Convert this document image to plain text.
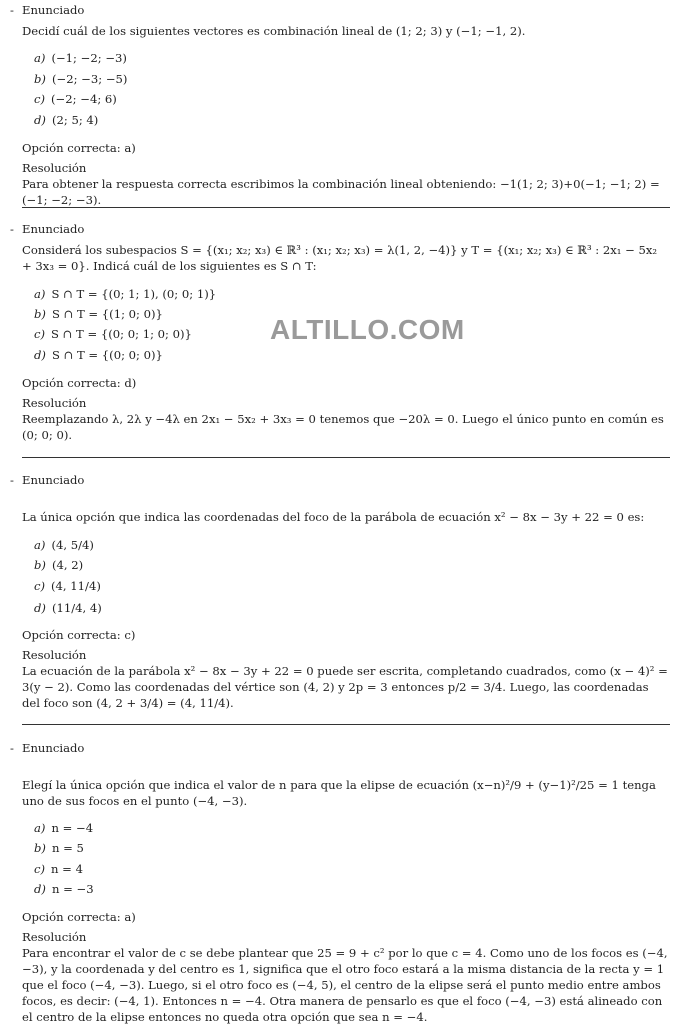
- Enunciado
Decidí cuál de los siguientes vectores es combinación lineal de (1; 2; 3) y (−1; −1, 2).
a) (−1; −2; −3)
b) (−2; −3; −5)
c) (−2; −4; 6)
d) (2; 5; 4)
Opción correcta: a)
Resolución
Para obtener la respuesta correcta escribimos la combinación lineal obteniendo: −1(1; 2; 3)+0(−1; −1; 2) = (−1; −2; −3).
- Enunciado
Considerá los subespacios S = {(x₁; x₂; x₃) ∈ ℝ³ : (x₁; x₂; x₃) = λ(1, 2, −4)} y T = {(x₁; x₂; x₃) ∈ ℝ³ : 2x₁ − 5x₂ + 3x₃ = 0}. Indicá cuál de los siguientes es S ∩ T:
a) S ∩ T = {(0; 1; 1), (0; 0; 1)}
b) S ∩ T = {(1; 0; 0)}
c) S ∩ T = {(0; 0; 1; 0; 0)}
d) S ∩ T = {(0; 0; 0)}
Opción correcta: d)
Resolución
Reemplazando λ, 2λ y −4λ en 2x₁ − 5x₂ + 3x₃ = 0 tenemos que −20λ = 0. Luego el único punto en común es (0; 0; 0).
ALTILLO.COM
- Enunciado
La única opción que indica las coordenadas del foco de la parábola de ecuación x² − 8x − 3y + 22 = 0 es:
a) (4, 5/4)
b) (4, 2)
c) (4, 11/4)
d) (11/4, 4)
Opción correcta: c)
Resolución
La ecuación de la parábola x² − 8x − 3y + 22 = 0 puede ser escrita, completando cuadrados, como (x − 4)² = 3(y − 2). Como las coordenadas del vértice son (4, 2) y 2p = 3 entonces p/2 = 3/4. Luego, las coordenadas del foco son (4, 2 + 3/4) = (4, 11/4).
- Enunciado
Elegí la única opción que indica el valor de n para que la elipse de ecuación (x−n)²/9 + (y−1)²/25 = 1 tenga uno de sus focos en el punto (−4, −3).
a) n = −4
b) n = 5
c) n = 4
d) n = −3
Opción correcta: a)
Resolución
Para encontrar el valor de c se debe plantear que 25 = 9 + c² por lo que c = 4. Como uno de los focos es (−4, −3), y la coordenada y del centro es 1, significa que el otro foco estará a la misma distancia de la recta y = 1 que el foco (−4, −3). Luego, si el otro foco es (−4, 5), el centro de la elipse será el punto medio entre ambos focos, es decir: (−4, 1). Entonces n = −4. Otra manera de pensarlo es que el foco (−4, −3) está alineado con el centro de la elipse entonces no queda otra opción que sea n = −4.
